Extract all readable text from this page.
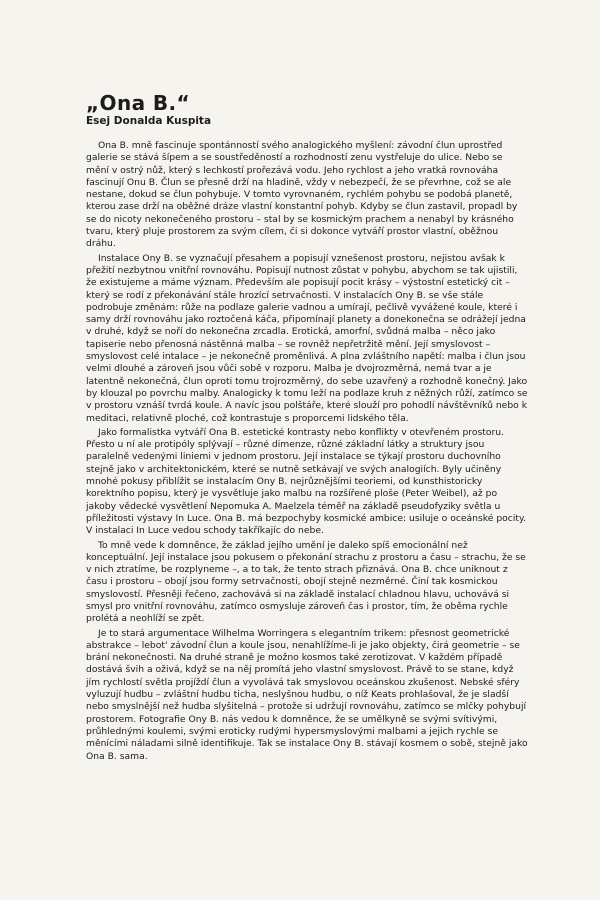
„Ona B.“
Esej Donalda Kuspita

Ona B. mně fascinuje spontánností svého analogického myšlení: závodní člun uprostřed galerie se stává šípem a se soustředěností a rozhodností zenu vystřeluje do ulice. Nebo se mění v ostrý nůž, který s lechkostí prořezává vodu. Jeho rychlost a jeho vratká rovnováha fascinují Onu B. Člun se přesně drží na hladině, vždy v nebezpečí, že se převrhne, což se ale nestane, dokud se člun pohybuje. V tomto vyrovnaném, rychlém pohybu se podobá planetě, kterou zase drží na oběžné dráze vlastní konstantní pohyb. Kdyby se člun zastavil, propadl by se do nicoty nekonečeného prostoru – stal by se kosmickým prachem a nenabyl by krásného tvaru, který pluje prostorem za svým cílem, či si dokonce vytváří prostor vlastní, oběžnou dráhu.

Instalace Ony B. se vyznačují přesahem a popisují vznešenost prostoru, nejistou avšak k přežití nezbytnou vnitřní rovnováhu. Popisují nutnost zůstat v pohybu, abychom se tak ujistili, že existujeme a máme význam. Především ale popisují pocit krásy – výstostní estetický cit – který se rodí z překonávání stále hrozící setrvačnosti. V instalacích Ony B. se vše stále podrobuje změnám: růže na podlaze galerie vadnou a umírají, pečlivě vyvážené koule, které i samy drží rovnováhu jako roztočená káča, připomínají planety a donekonečna se odrážejí jedna v druhé, když se noří do nekonečna zrcadla. Erotická, amorfní, svůdná malba – něco jako tapiserie nebo přenosná nástěnná malba – se rovněž nepřetržitě mění. Její smyslovost – smyslovost celé intalace – je nekonečně proměnlivá. A plna zvláštního napětí: malba i člun jsou velmi dlouhé a zároveň jsou vůči sobě v rozporu. Malba je dvojrozměrná, nemá tvar a je latentně nekonečná, člun oproti tomu trojrozměrný, do sebe uzavřený a rozhodně konečný. Jako by klouzal po povrchu malby. Analogicky k tomu leží na podlaze kruh z něžných růží, zatímco se v prostoru vznáší tvrdá koule. A navíc jsou polštáře, které slouží pro pohodlí návštěvníků nebo k meditaci, relativně ploché, což kontrastuje s proporcemi lidského těla.

Jako formalistka vytváří Ona B. estetické kontrasty nebo konflikty v otevřeném prostoru. Přesto u ní ale protipóly splývají – různé dimenze, různé základní látky a struktury jsou paralelně vedenými liniemi v jednom prostoru. Její instalace se týkají prostoru duchovního stejně jako v architektonickém, které se nutně setkávají ve svých analogiích. Byly učiněny mnohé pokusy přiblížit se instalacím Ony B. nejrůznějšími teoriemi, od kunsthistoricky korektního popisu, který je vysvětluje jako malbu na rozšířené ploše (Peter Weibel), až po jakoby vědecké vysvětlení Nepomuka A. Maelzela téměř na základě pseudofyziky světla u příležitosti výstavy In Luce. Ona B. má bezpochyby kosmické ambice: usiluje o oceánské pocity. V instalaci In Luce vedou schody takříkajíc do nebe.

To mně vede k domněnce, že základ jejího umění je daleko spíš emocionální než konceptuální. Její instalace jsou pokusem o překonání strachu z prostoru a času – strachu, že se v nich ztratíme, be rozplyneme –, a to tak, že tento strach přiznává. Ona B. chce uniknout z času i prostoru – obojí jsou formy setrvačnosti, obojí stejně nezměrné. Činí tak kosmickou smyslovostí. Přesněji řečeno, zachovává si na základě instalací chladnou hlavu, uchovává si smysl pro vnitřní rovnováhu, zatímco osmysluje zároveň čas i prostor, tím, že oběma rychle prolétá a neohlíží se zpět.

Je to stará argumentace Wilhelma Worringera s elegantním trikem: přesnost geometrické abstrakce – lebot' závodní člun a koule jsou, nenahlížíme-li je jako objekty, čirá geometrie – se brání nekonečnosti. Na druhé straně je možno kosmos také zerotizovat. V každém případě dostává švih a oživá, když se na něj promítá jeho vlastní smyslovost. Právě to se stane, když jím rychlostí světla projíždí člun a vyvolává tak smyslovou oceánskou zkušenost. Nebské sféry vyluzují hudbu – zvláštní hudbu ticha, neslyšnou hudbu, o níž Keats prohlašoval, že je sladší nebo smyslnější než hudba slyšitelná – protože si udržují rovnováhu, zatímco se mlčky pohybují prostorem. Fotografie Ony B. nás vedou k domněnce, že se umělkyně se svými svítivými, průhlednými koulemi, svými eroticky rudými hypersmyslovými malbami a jejich rychle se měnícími náladami silně identifikuje. Tak se instalace Ony B. stávají kosmem o sobě, stejně jako Ona B. sama.
